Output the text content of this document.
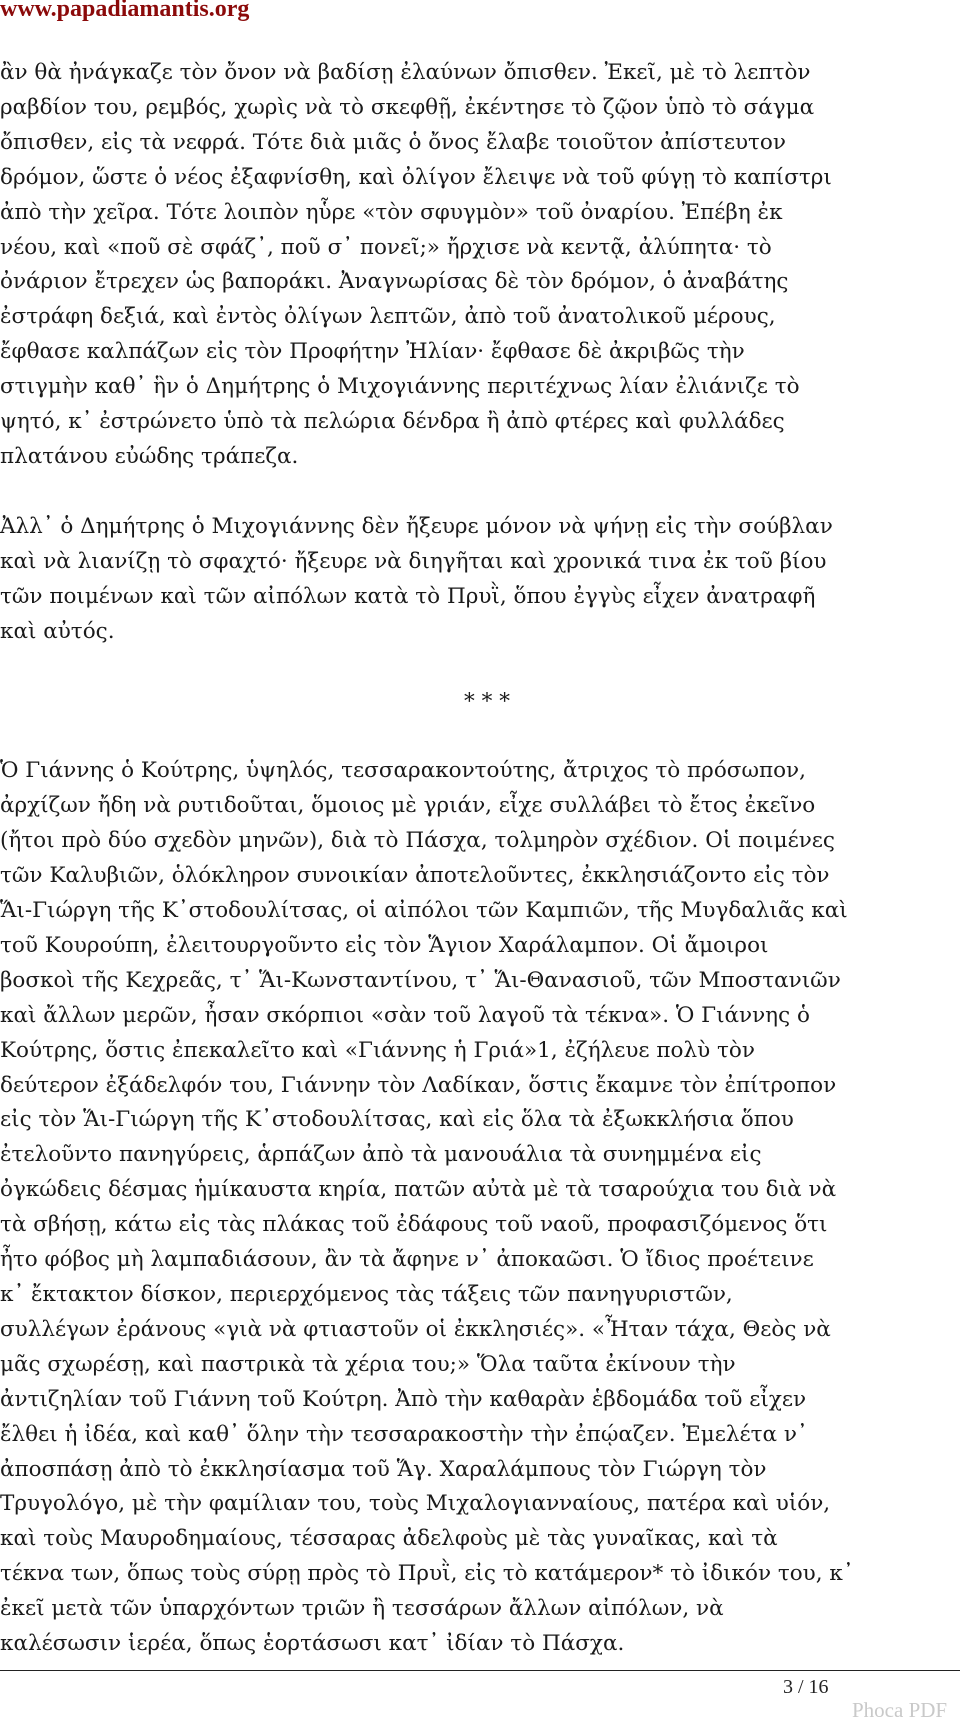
www.papadiamantis.org

ἂν θὰ ἠνάγκαζε τὸν ὄνον νὰ βαδίσῃ ἐλαύνων ὄπισθεν. Ἐκεῖ, μὲ τὸ λεπτὸν
ραβδίον του, ρεμβός, χωρὶς νὰ τὸ σκεφθῇ, ἐκέντησε τὸ ζῷον ὑπὸ τὸ σάγμα
ὄπισθεν, εἰς τὰ νεφρά. Τότε διὰ μιᾶς ὁ ὄνος ἔλαβε τοιοῦτον ἀπίστευτον
δρόμον, ὥστε ὁ νέος ἐξαφνίσθη, καὶ ὀλίγον ἔλειψε νὰ τοῦ φύγῃ τὸ καπίστρι
ἀπὸ τὴν χεῖρα. Τότε λοιπὸν ηὗρε «τὸν σφυγμὸν» τοῦ ὀναρίου. Ἐπέβη ἐκ
νέου, καὶ «ποῦ σὲ σφάζ᾽, ποῦ σ᾽ πονεῖ;» ἤρχισε νὰ κεντᾷ, ἀλύπητα· τὸ
ὀνάριον ἔτρεχεν ὡς βαποράκι. Ἀναγνωρίσας δὲ τὸν δρόμον, ὁ ἀναβάτης
ἐστράφη δεξιά, καὶ ἐντὸς ὀλίγων λεπτῶν, ἀπὸ τοῦ ἀνατολικοῦ μέρους,
ἔφθασε καλπάζων εἰς τὸν Προφήτην Ἠλίαν· ἔφθασε δὲ ἀκριβῶς τὴν
στιγμὴν καθ᾽ ἣν ὁ Δημήτρης ὁ Μιχογιάννης περιτέχνως λίαν ἐλιάνιζε τὸ
ψητό, κ᾽ ἐστρώνετο ὑπὸ τὰ πελώρια δένδρα ἢ ἀπὸ φτέρες καὶ φυλλάδες
πλατάνου εὐώδης τράπεζα.

Ἀλλ᾽ ὁ Δημήτρης ὁ Μιχογιάννης δὲν ἤξευρε μόνον νὰ ψήνῃ εἰς τὴν σούβλαν
καὶ νὰ λιανίζῃ τὸ σφαχτό· ἤξευρε νὰ διηγῆται καὶ χρονικά τινα ἐκ τοῦ βίου
τῶν ποιμένων καὶ τῶν αἰπόλων κατὰ τὸ Πρυῒ, ὅπου ἐγγὺς εἶχεν ἀνατραφῆ
καὶ αὐτός.

* * *

Ὁ Γιάννης ὁ Κούτρης, ὑψηλός, τεσσαρακοντούτης, ἄτριχος τὸ πρόσωπον,
ἀρχίζων ἤδη νὰ ρυτιδοῦται, ὅμοιος μὲ γριάν, εἶχε συλλάβει τὸ ἔτος ἐκεῖνο
(ἤτοι πρὸ δύο σχεδὸν μηνῶν), διὰ τὸ Πάσχα, τολμηρὸν σχέδιον. Οἱ ποιμένες
τῶν Καλυβιῶν, ὁλόκληρον συνοικίαν ἀποτελοῦντες, ἐκκλησιάζοντο εἰς τὸν
Ἅι-Γιώργη τῆς Κ᾽στοδουλίτσας, οἱ αἰπόλοι τῶν Καμπιῶν, τῆς Μυγδαλιᾶς καὶ
τοῦ Κουρούπη, ἐλειτουργοῦντο εἰς τὸν Ἅγιον Χαράλαμπον. Οἱ ἄμοιροι
βοσκοὶ τῆς Κεχρεᾶς, τ᾽ Ἅι-Κωνσταντίνου, τ᾽ Ἅι-Θανασιοῦ, τῶν Μποστανιῶν
καὶ ἄλλων μερῶν, ἦσαν σκόρπιοι «σὰν τοῦ λαγοῦ τὰ τέκνα». Ὁ Γιάννης ὁ
Κούτρης, ὅστις ἐπεκαλεῖτο καὶ «Γιάννης ἡ Γριά»1, ἐζήλευε πολὺ τὸν
δεύτερον ἐξάδελφόν του, Γιάννην τὸν Λαδίκαν, ὅστις ἔκαμνε τὸν ἐπίτροπον
εἰς τὸν Ἅι-Γιώργη τῆς Κ᾽στοδουλίτσας, καὶ εἰς ὅλα τὰ ἐξωκκλήσια ὅπου
ἐτελοῦντο πανηγύρεις, ἁρπάζων ἀπὸ τὰ μανουάλια τὰ συνημμένα εἰς
ὀγκώδεις δέσμας ἡμίκαυστα κηρία, πατῶν αὐτὰ μὲ τὰ τσαρούχια του διὰ νὰ
τὰ σβήσῃ, κάτω εἰς τὰς πλάκας τοῦ ἐδάφους τοῦ ναοῦ, προφασιζόμενος ὅτι
ἦτο φόβος μὴ λαμπαδιάσουν, ἂν τὰ ἄφηνε ν᾽ ἀποκαῶσι. Ὁ ἴδιος προέτεινε
κ᾽ ἔκτακτον δίσκον, περιερχόμενος τὰς τάξεις τῶν πανηγυριστῶν,
συλλέγων ἐράνους «γιὰ νὰ φτιαστοῦν οἱ ἐκκλησιές». «Ἦταν τάχα, Θεὸς νὰ
μᾶς σχωρέσῃ, καὶ παστρικὰ τὰ χέρια του;» Ὅλα ταῦτα ἐκίνουν τὴν
ἀντιζηλίαν τοῦ Γιάννη τοῦ Κούτρη. Ἀπὸ τὴν καθαρὰν ἑβδομάδα τοῦ εἶχεν
ἔλθει ἡ ἰδέα, καὶ καθ᾽ ὅλην τὴν τεσσαρακοστὴν τὴν ἐπῴαζεν. Ἐμελέτα ν᾽
ἀποσπάσῃ ἀπὸ τὸ ἐκκλησίασμα τοῦ Ἅγ. Χαραλάμπους τὸν Γιώργη τὸν
Τρυγολόγο, μὲ τὴν φαμίλιαν του, τοὺς Μιχαλογιανναίους, πατέρα καὶ υἱόν,
καὶ τοὺς Μαυροδημαίους, τέσσαρας ἀδελφοὺς μὲ τὰς γυναῖκας, καὶ τὰ
τέκνα των, ὅπως τοὺς σύρῃ πρὸς τὸ Πρυῒ, εἰς τὸ κατάμερον* τὸ ἰδικόν του, κ᾽
ἐκεῖ μετὰ τῶν ὑπαρχόντων τριῶν ἢ τεσσάρων ἄλλων αἰπόλων, νὰ
καλέσωσιν ἱερέα, ὅπως ἑορτάσωσι κατ᾽ ἰδίαν τὸ Πάσχα.

3 / 16
Phoca PDF
